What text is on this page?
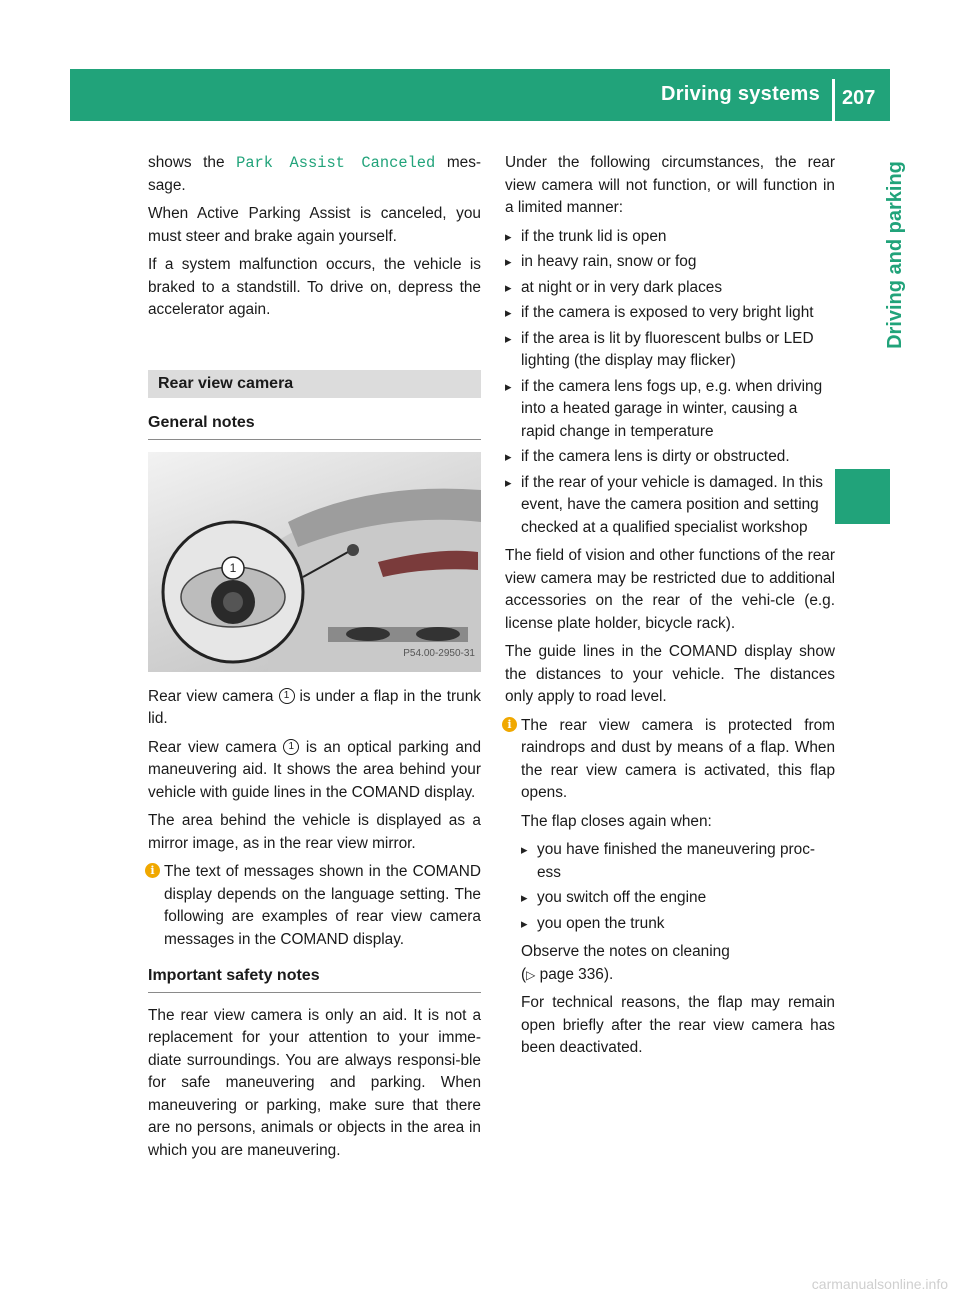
Driving systems 207
Driving and parking

shows the Park Assist Canceled mes-sage.

When Active Parking Assist is canceled, you must steer and brake again yourself.

If a system malfunction occurs, the vehicle is braked to a standstill. To drive on, depress the accelerator again.

Rear view camera
General notes
1
P54.00-2950-31

Rear view camera 1 is under a flap in the trunk lid.

Rear view camera 1 is an optical parking and maneuvering aid. It shows the area behind your vehicle with guide lines in the COMAND display.

The area behind the vehicle is displayed as a mirror image, as in the rear view mirror.

i The text of messages shown in the COMAND display depends on the language setting. The following are examples of rear view camera messages in the COMAND display.

Important safety notes

The rear view camera is only an aid. It is not a replacement for your attention to your imme-diate surroundings. You are always responsi-ble for safe maneuvering and parking. When maneuvering or parking, make sure that there are no persons, animals or objects in the area in which you are maneuvering.

Under the following circumstances, the rear view camera will not function, or will function in a limited manner:

▸ if the trunk lid is open
▸ in heavy rain, snow or fog
▸ at night or in very dark places
▸ if the camera is exposed to very bright light
▸ if the area is lit by fluorescent bulbs or LED lighting (the display may flicker)
▸ if the camera lens fogs up, e.g. when driving into a heated garage in winter, causing a rapid change in temperature
▸ if the camera lens is dirty or obstructed.
▸ if the rear of your vehicle is damaged. In this event, have the camera position and setting checked at a qualified specialist workshop

The field of vision and other functions of the rear view camera may be restricted due to additional accessories on the rear of the vehi-cle (e.g. license plate holder, bicycle rack).

The guide lines in the COMAND display show the distances to your vehicle. The distances only apply to road level.

i The rear view camera is protected from raindrops and dust by means of a flap. When the rear view camera is activated, this flap opens.

The flap closes again when:

▸ you have finished the maneuvering proc-ess
▸ you switch off the engine
▸ you open the trunk

Observe the notes on cleaning
(▷ page 336).

For technical reasons, the flap may remain open briefly after the rear view camera has been deactivated.

carmanualsonline.info
